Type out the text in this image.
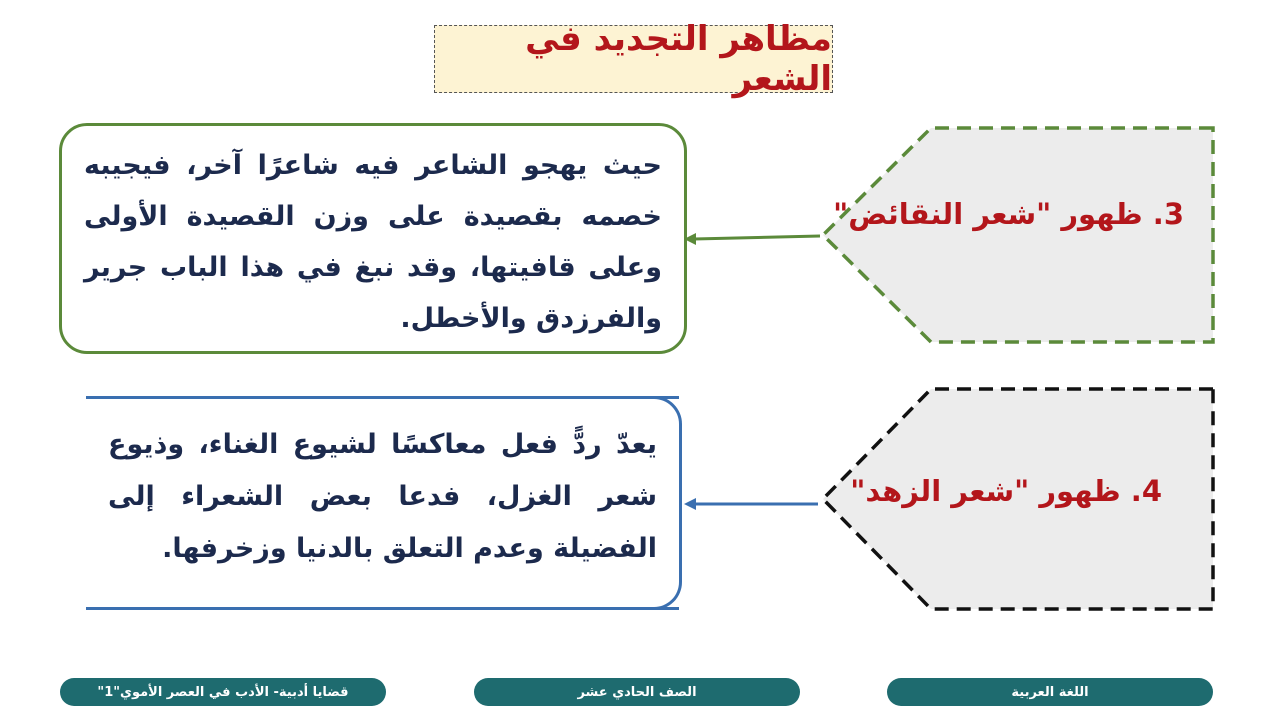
مظاهر التجديد في الشعر
حيث يهجو الشاعر فيه شاعرًا آخر، فيجيبه خصمه بقصيدة على وزن القصيدة الأولى وعلى قافيتها، وقد نبغ في هذا الباب جرير والفرزدق والأخطل.
3. ظهور "شعر النقائض"
يعدّ ردًّ فعل معاكسًا لشيوع الغناء، وذيوع شعر الغزل، فدعا بعض الشعراء إلى الفضيلة وعدم التعلق بالدنيا وزخرفها.
4. ظهور "شعر الزهد"
قضايا أدبية- الأدب في العصر الأموي"1"	الصف الحادي عشر	اللغة العربية
